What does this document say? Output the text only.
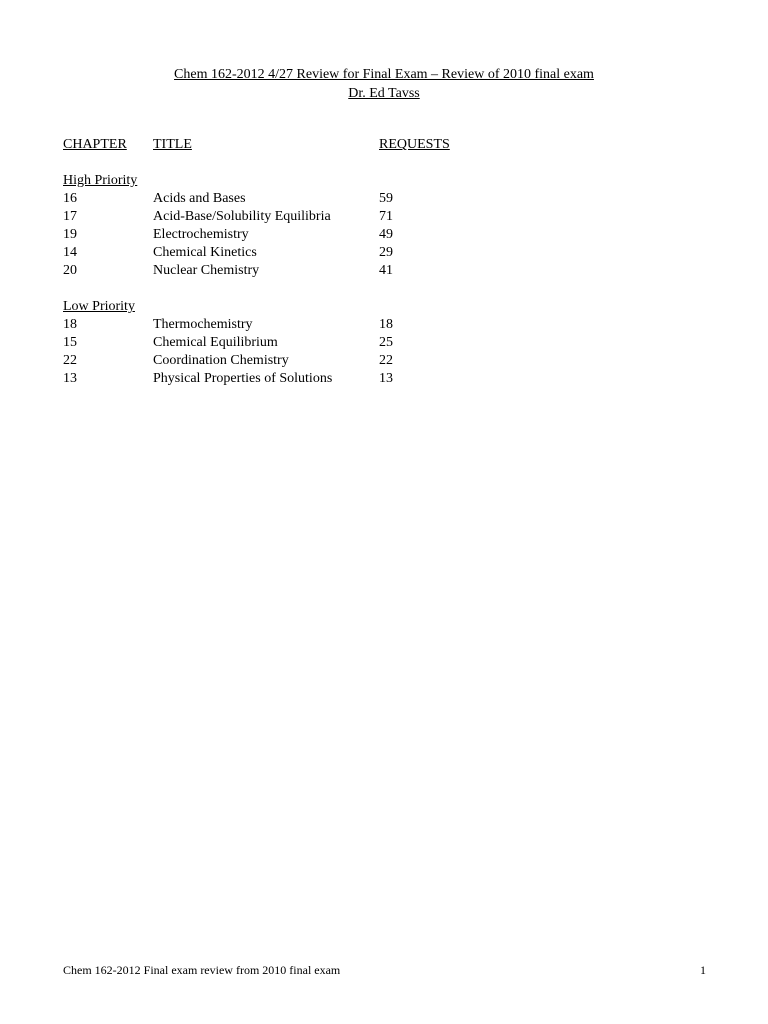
Chem 162-2012 4/27 Review for Final Exam – Review of 2010 final exam
Dr. Ed Tavss
CHAPTER TITLE	REQUESTS
High Priority
16	Acids and Bases	59
17	Acid-Base/Solubility Equilibria	71
19	Electrochemistry	49
14	Chemical Kinetics	29
20	Nuclear Chemistry	41
Low Priority
18	Thermochemistry	18
15	Chemical Equilibrium	25
22	Coordination Chemistry	22
13	Physical Properties of Solutions	13
Chem 162-2012 Final exam review from 2010 final exam	1
